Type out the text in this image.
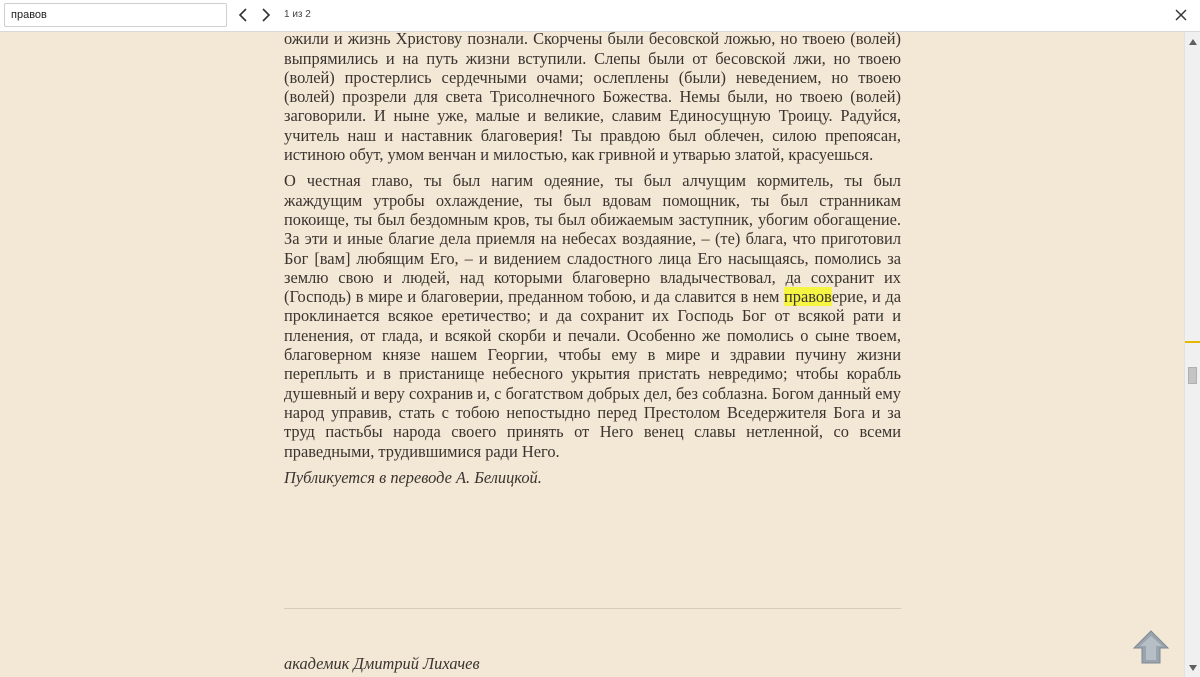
правов
1 из 2

ожили и жизнь Христову познали. Скорчены были бесовской ложью, но твоею (волей) выпрямились и на путь жизни вступили. Слепы были от бесовской лжи, но твоею (волей) простерлись сердечными очами; ослеплены (были) неведением, но твоею (волей) прозрели для света Трисолнечного Божества. Немы были, но твоею (волей) заговорили. И ныне уже, малые и великие, славим Единосущную Троицу. Радуйся, учитель наш и наставник благоверия! Ты правдою был облечен, силою препоясан, истиною обут, умом венчан и милостью, как гривной и утварью златой, красуешься.

О честная главо, ты был нагим одеяние, ты был алчущим кормитель, ты был жаждущим утробы охлаждение, ты был вдовам помощник, ты был странникам покоище, ты был бездомным кров, ты был обижаемым заступник, убогим обогащение. За эти и иные благие дела приемля на небесах воздаяние, – (те) блага, что приготовил Бог [вам] любящим Его, – и видением сладостного лица Его насыщаясь, помолись за землю свою и людей, над которыми благоверно владычествовал, да сохранит их (Господь) в мире и благоверии, преданном тобою, и да славится в нем правоверие, и да проклинается всякое еретичество; и да сохранит их Господь Бог от всякой рати и пленения, от глада, и всякой скорби и печали. Особенно же помолись о сыне твоем, благоверном князе нашем Георгии, чтобы ему в мире и здравии пучину жизни переплыть и в пристанище небесного укрытия пристать невредимо; чтобы корабль душевный и веру сохранив и, с богатством добрых дел, без соблазна. Богом данный ему народ управив, стать с тобою непостыдно перед Престолом Вседержителя Бога и за труд пастьбы народа своего принять от Него венец славы нетленной, со всеми праведными, трудившимися ради Него.

Публикуется в переводе А. Белицкой.

академик Дмитрий Лихачев
